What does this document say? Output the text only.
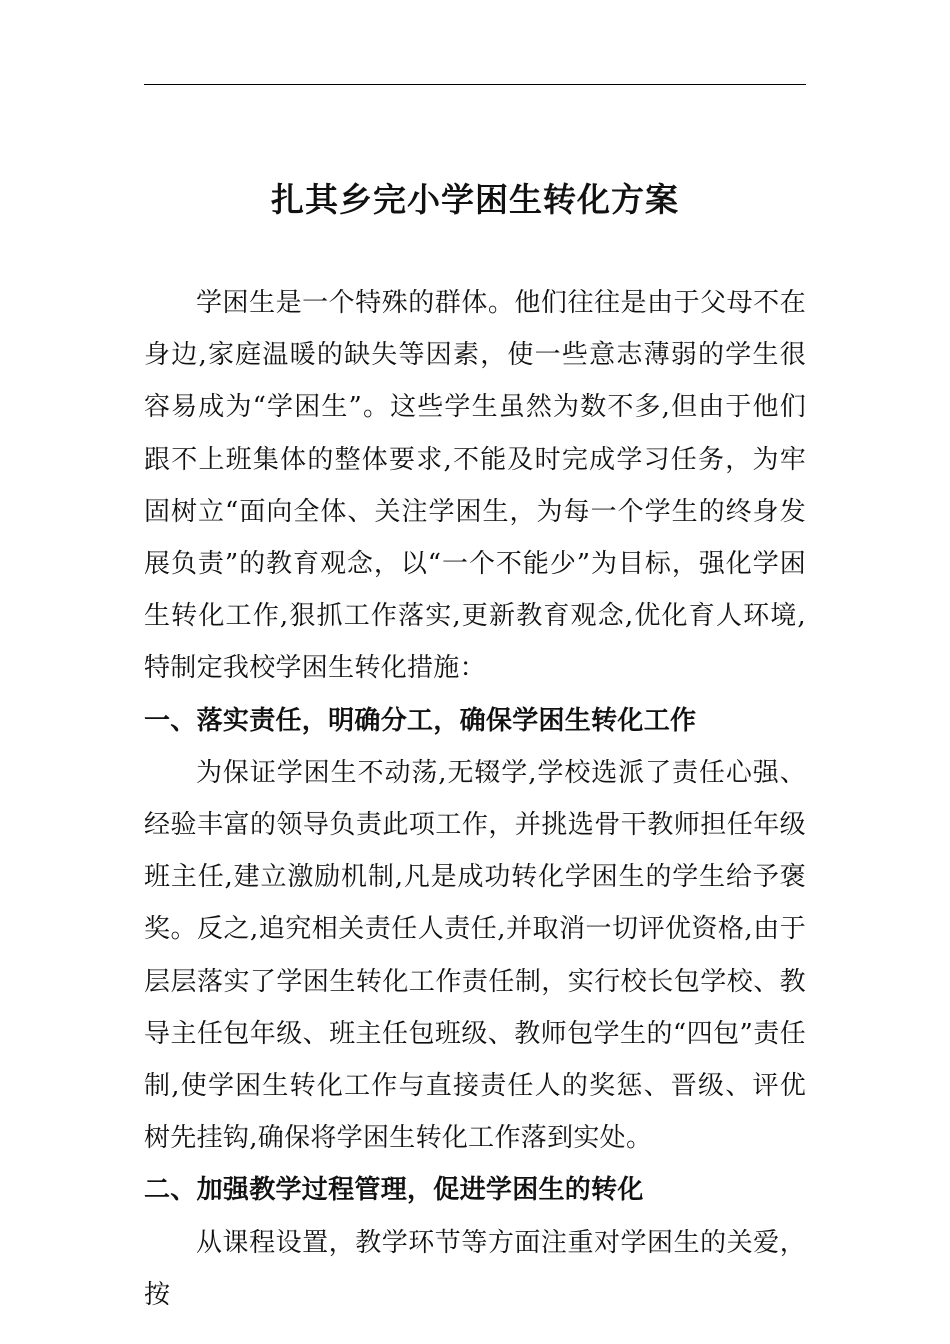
扎其乡完小学困生转化方案

学困生是一个特殊的群体。他们往往是由于父母不在身边,家庭温暖的缺失等因素，使一些意志薄弱的学生很容易成为“学困生”。这些学生虽然为数不多,但由于他们跟不上班集体的整体要求,不能及时完成学习任务，为牢固树立“面向全体、关注学困生，为每一个学生的终身发展负责”的教育观念，以“一个不能少”为目标，强化学困生转化工作,狠抓工作落实,更新教育观念,优化育人环境,特制定我校学困生转化措施：

一、落实责任，明确分工，确保学困生转化工作

为保证学困生不动荡,无辍学,学校选派了责任心强、经验丰富的领导负责此项工作，并挑选骨干教师担任年级班主任,建立激励机制,凡是成功转化学困生的学生给予褒奖。反之,追究相关责任人责任,并取消一切评优资格,由于层层落实了学困生转化工作责任制，实行校长包学校、教导主任包年级、班主任包班级、教师包学生的“四包”责任制,使学困生转化工作与直接责任人的奖惩、晋级、评优树先挂钩,确保将学困生转化工作落到实处。

二、加强教学过程管理，促进学困生的转化

从课程设置，教学环节等方面注重对学困生的关爱，按
